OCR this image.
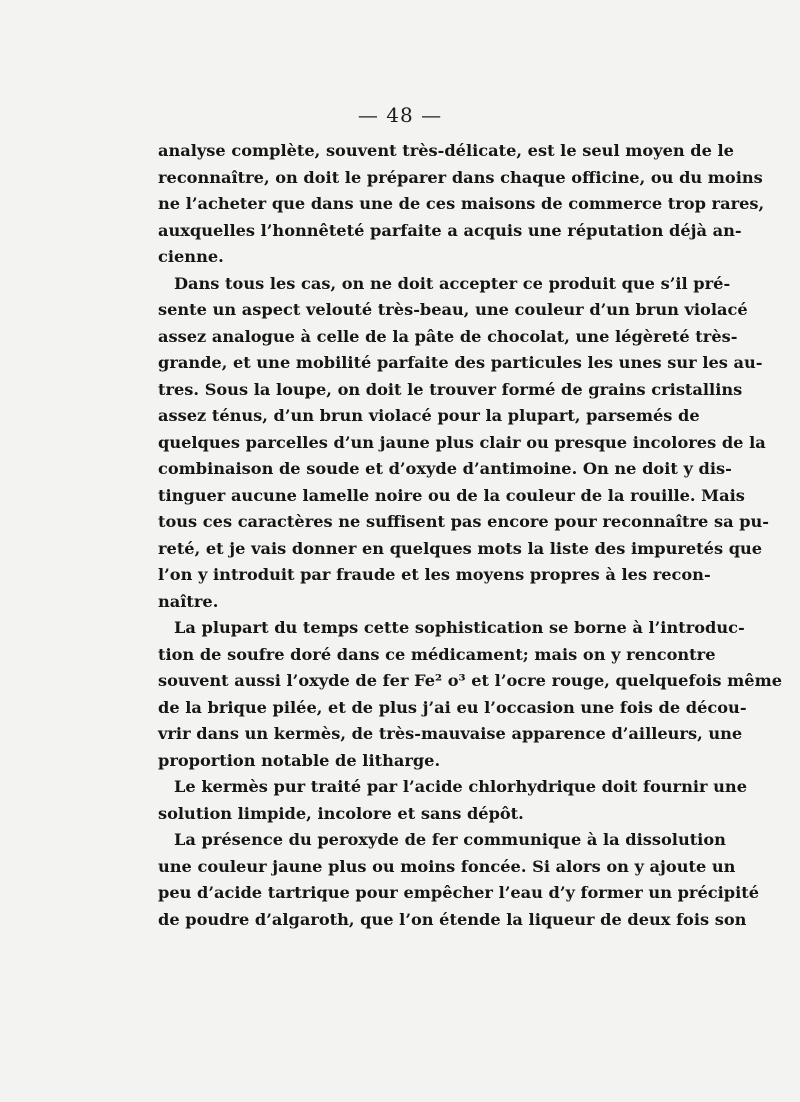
— 48 —
analyse complète, souvent très-délicate, est le seul moyen de le
reconnaître, on doit le préparer dans chaque officine, ou du moins
ne l’acheter que dans une de ces maisons de commerce trop rares,
auxquelles l’honnêteté parfaite a acquis une réputation déjà an-
cienne.
Dans tous les cas, on ne doit accepter ce produit que s’il pré-
sente un aspect velouté très-beau, une couleur d’un brun violacé
assez analogue à celle de la pâte de chocolat, une légèreté très-
grande, et une mobilité parfaite des particules les unes sur les au-
tres. Sous la loupe, on doit le trouver formé de grains cristallins
assez ténus, d’un brun violacé pour la plupart, parsemés de
quelques parcelles d’un jaune plus clair ou presque incolores de la
combinaison de soude et d’oxyde d’antimoine. On ne doit y dis-
tinguer aucune lamelle noire ou de la couleur de la rouille. Mais
tous ces caractères ne suffisent pas encore pour reconnaître sa pu-
reté, et je vais donner en quelques mots la liste des impuretés que
l’on y introduit par fraude et les moyens propres à les recon-
naître.
La plupart du temps cette sophistication se borne à l’introduc-
tion de soufre doré dans ce médicament; mais on y rencontre
souvent aussi l’oxyde de fer Fe² o³ et l’ocre rouge, quelquefois même
de la brique pilée, et de plus j’ai eu l’occasion une fois de décou-
vrir dans un kermès, de très-mauvaise apparence d’ailleurs, une
proportion notable de litharge.
Le kermès pur traité par l’acide chlorhydrique doit fournir une
solution limpide, incolore et sans dépôt.
La présence du peroxyde de fer communique à la dissolution
une couleur jaune plus ou moins foncée. Si alors on y ajoute un
peu d’acide tartrique pour empêcher l’eau d’y former un précipité
de poudre d’algaroth, que l’on étende la liqueur de deux fois son
